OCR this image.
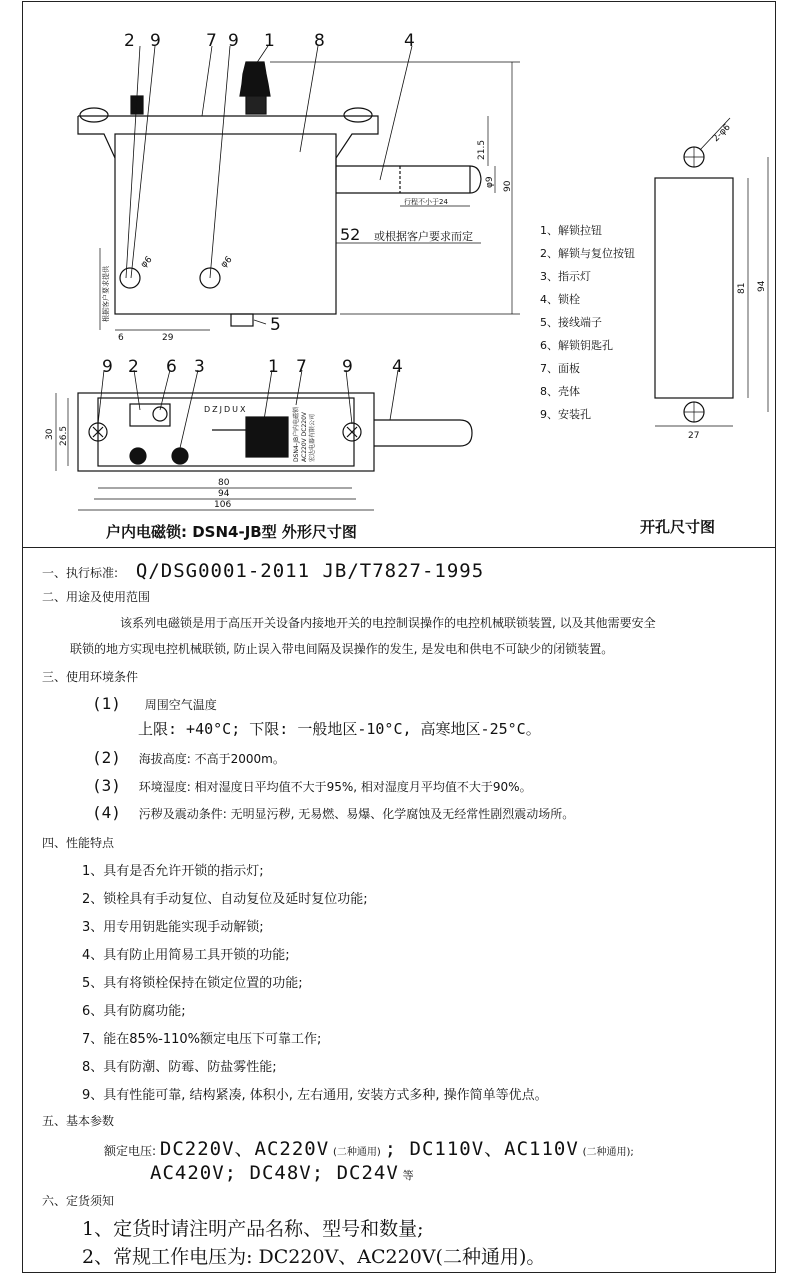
2 9	7 9 1 8	4
5
9 2 6 3	1 7 9 4
52 或根据客户要求而定
行程不小于24
21.5
90
φ9
φ6	φ6
6	29
根据客户要求提供
30 26.5
80
94
106
2-φ6
81 94
27
DZJDUX	DSN4-JB户内电磁锁 AC220V DC220V 宏达电器有限公司
1、解锁拉钮
2、解锁与复位按钮
3、指示灯
4、锁栓
5、接线端子
6、解锁钥匙孔
7、面板
8、壳体
9、安装孔
户内电磁锁: DSN4-JB型 外形尺寸图	开孔尺寸图
一、执行标准: Q/DSG0001-2011 JB/T7827-1995
二、用途及使用范围
该系列电磁锁是用于高压开关设备内接地开关的电控制误操作的电控机械联锁装置, 以及其他需要安全
联锁的地方实现电控机械联锁, 防止误入带电间隔及误操作的发生, 是发电和供电不可缺少的闭锁装置。
三、使用环境条件
(1) 周围空气温度
上限: +40°C; 下限: 一般地区-10°C, 高寒地区-25°C。
(2) 海拔高度: 不高于2000m。
(3) 环境湿度: 相对湿度日平均值不大于95%, 相对湿度月平均值不大于90%。
(4) 污秽及震动条件: 无明显污秽, 无易燃、易爆、化学腐蚀及无经常性剧烈震动场所。
四、性能特点
1、具有是否允许开锁的指示灯;
2、锁栓具有手动复位、自动复位及延时复位功能;
3、用专用钥匙能实现手动解锁;
4、具有防止用简易工具开锁的功能;
5、具有将锁栓保持在锁定位置的功能;
6、具有防腐功能;
7、能在85%-110%额定电压下可靠工作;
8、具有防潮、防霉、防盐雾性能;
9、具有性能可靠, 结构紧凑, 体积小, 左右通用, 安装方式多种, 操作简单等优点。
五、基本参数
额定电压: DC220V、AC220V (二种通用) ; DC110V、AC110V (二种通用);
AC420V; DC48V; DC24V 等
六、定货须知
1、定货时请注明产品名称、型号和数量;
2、常规工作电压为: DC220V、AC220V(二种通用)。
